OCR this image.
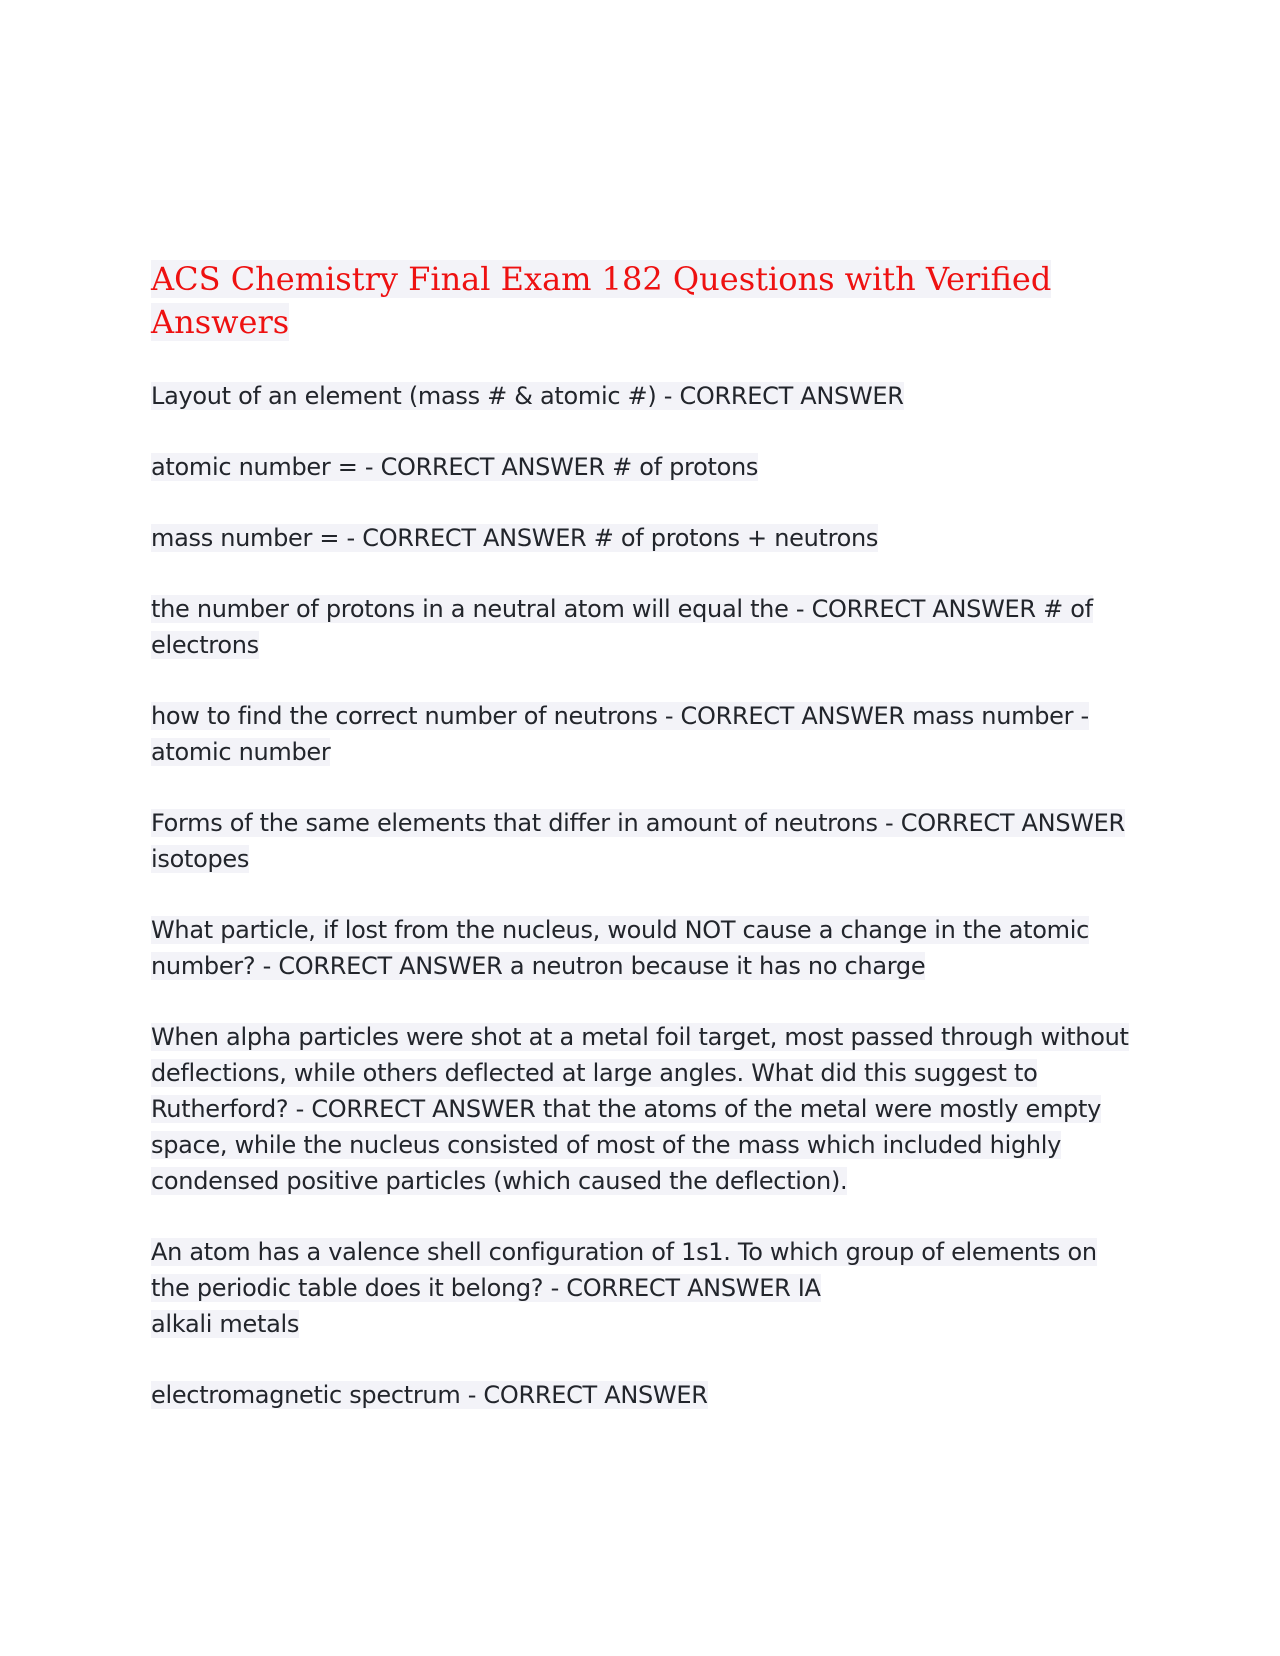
ACS Chemistry Final Exam 182 Questions with Verified Answers

Layout of an element (mass # & atomic #) - CORRECT ANSWER

atomic number = - CORRECT ANSWER # of protons

mass number = - CORRECT ANSWER # of protons + neutrons

the number of protons in a neutral atom will equal the - CORRECT ANSWER # of electrons

how to find the correct number of neutrons - CORRECT ANSWER mass number - atomic number

Forms of the same elements that differ in amount of neutrons - CORRECT ANSWER isotopes

What particle, if lost from the nucleus, would NOT cause a change in the atomic number? - CORRECT ANSWER a neutron because it has no charge

When alpha particles were shot at a metal foil target, most passed through without deflections, while others deflected at large angles. What did this suggest to Rutherford? - CORRECT ANSWER that the atoms of the metal were mostly empty space, while the nucleus consisted of most of the mass which included highly condensed positive particles (which caused the deflection).

An atom has a valence shell configuration of 1s1. To which group of elements on the periodic table does it belong? - CORRECT ANSWER IA
alkali metals

electromagnetic spectrum - CORRECT ANSWER
